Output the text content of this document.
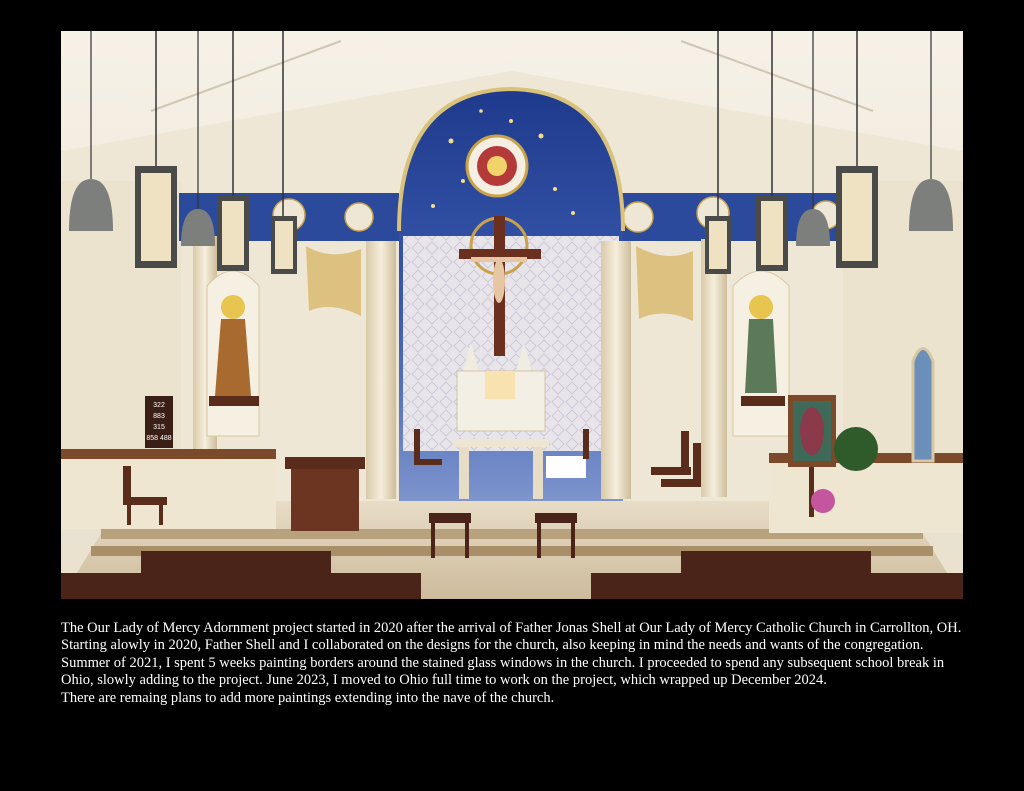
322
883
315
858 488

The Our Lady of Mercy Adornment project started in 2020 after the arrival of Father Jonas Shell at Our Lady of Mercy Catholic Church in Carrollton, OH.

Starting alowly in 2020, Father Shell and I collaborated on the designs for the church, also keeping in mind the needs and wants of the congregation. Summer of 2021, I spent 5 weeks painting borders around the stained glass windows in the church. I proceeded to spend any subsequent school break in Ohio, slowly adding to the project. June 2023, I moved to Ohio full time to work on the project, which wrapped up December 2024.

There are remaing plans to add more paintings extending into the nave of the church.
